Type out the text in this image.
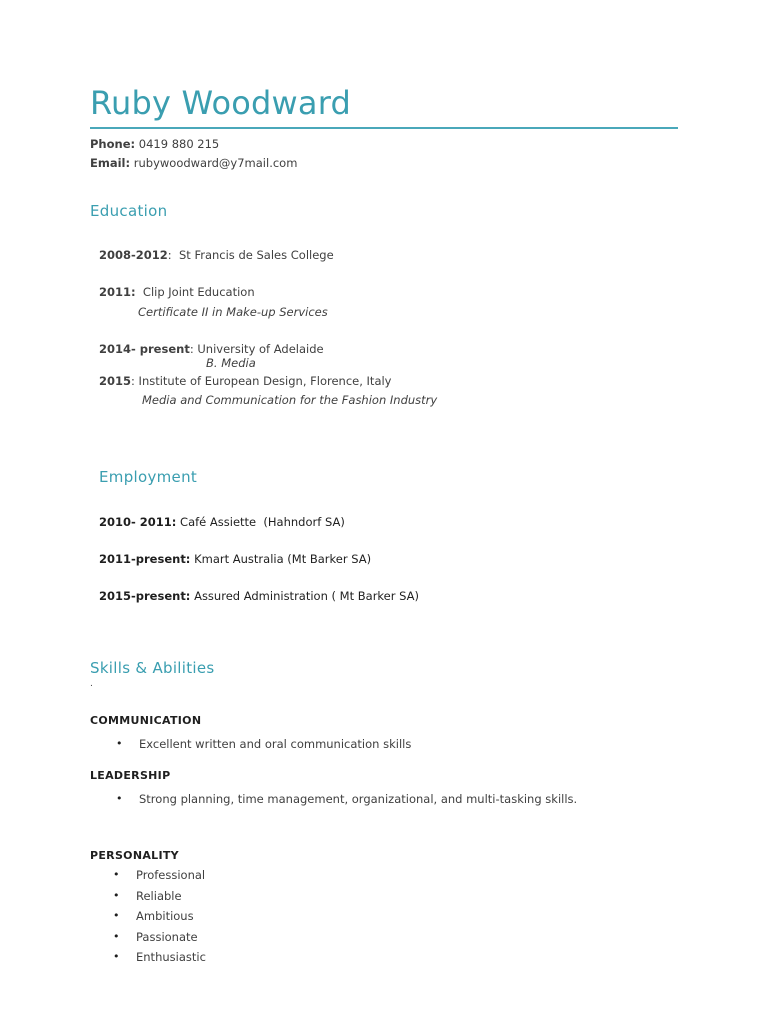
Ruby Woodward
Phone: 0419 880 215
Email: rubywoodward@y7mail.com
Education
2008-2012:  St Francis de Sales College
2011:  Clip Joint Education
Certificate II in Make-up Services
2014- present: University of Adelaide
B. Media
2015: Institute of European Design, Florence, Italy
Media and Communication for the Fashion Industry
Employment
2010- 2011: Café Assiette  (Hahndorf SA)
2011-present: Kmart Australia (Mt Barker SA)
2015-present: Assured Administration ( Mt Barker SA)
Skills & Abilities
.
COMMUNICATION
• Excellent written and oral communication skills
LEADERSHIP
• Strong planning, time management, organizational, and multi-tasking skills.
PERSONALITY
• Professional
• Reliable
• Ambitious
• Passionate
• Enthusiastic
